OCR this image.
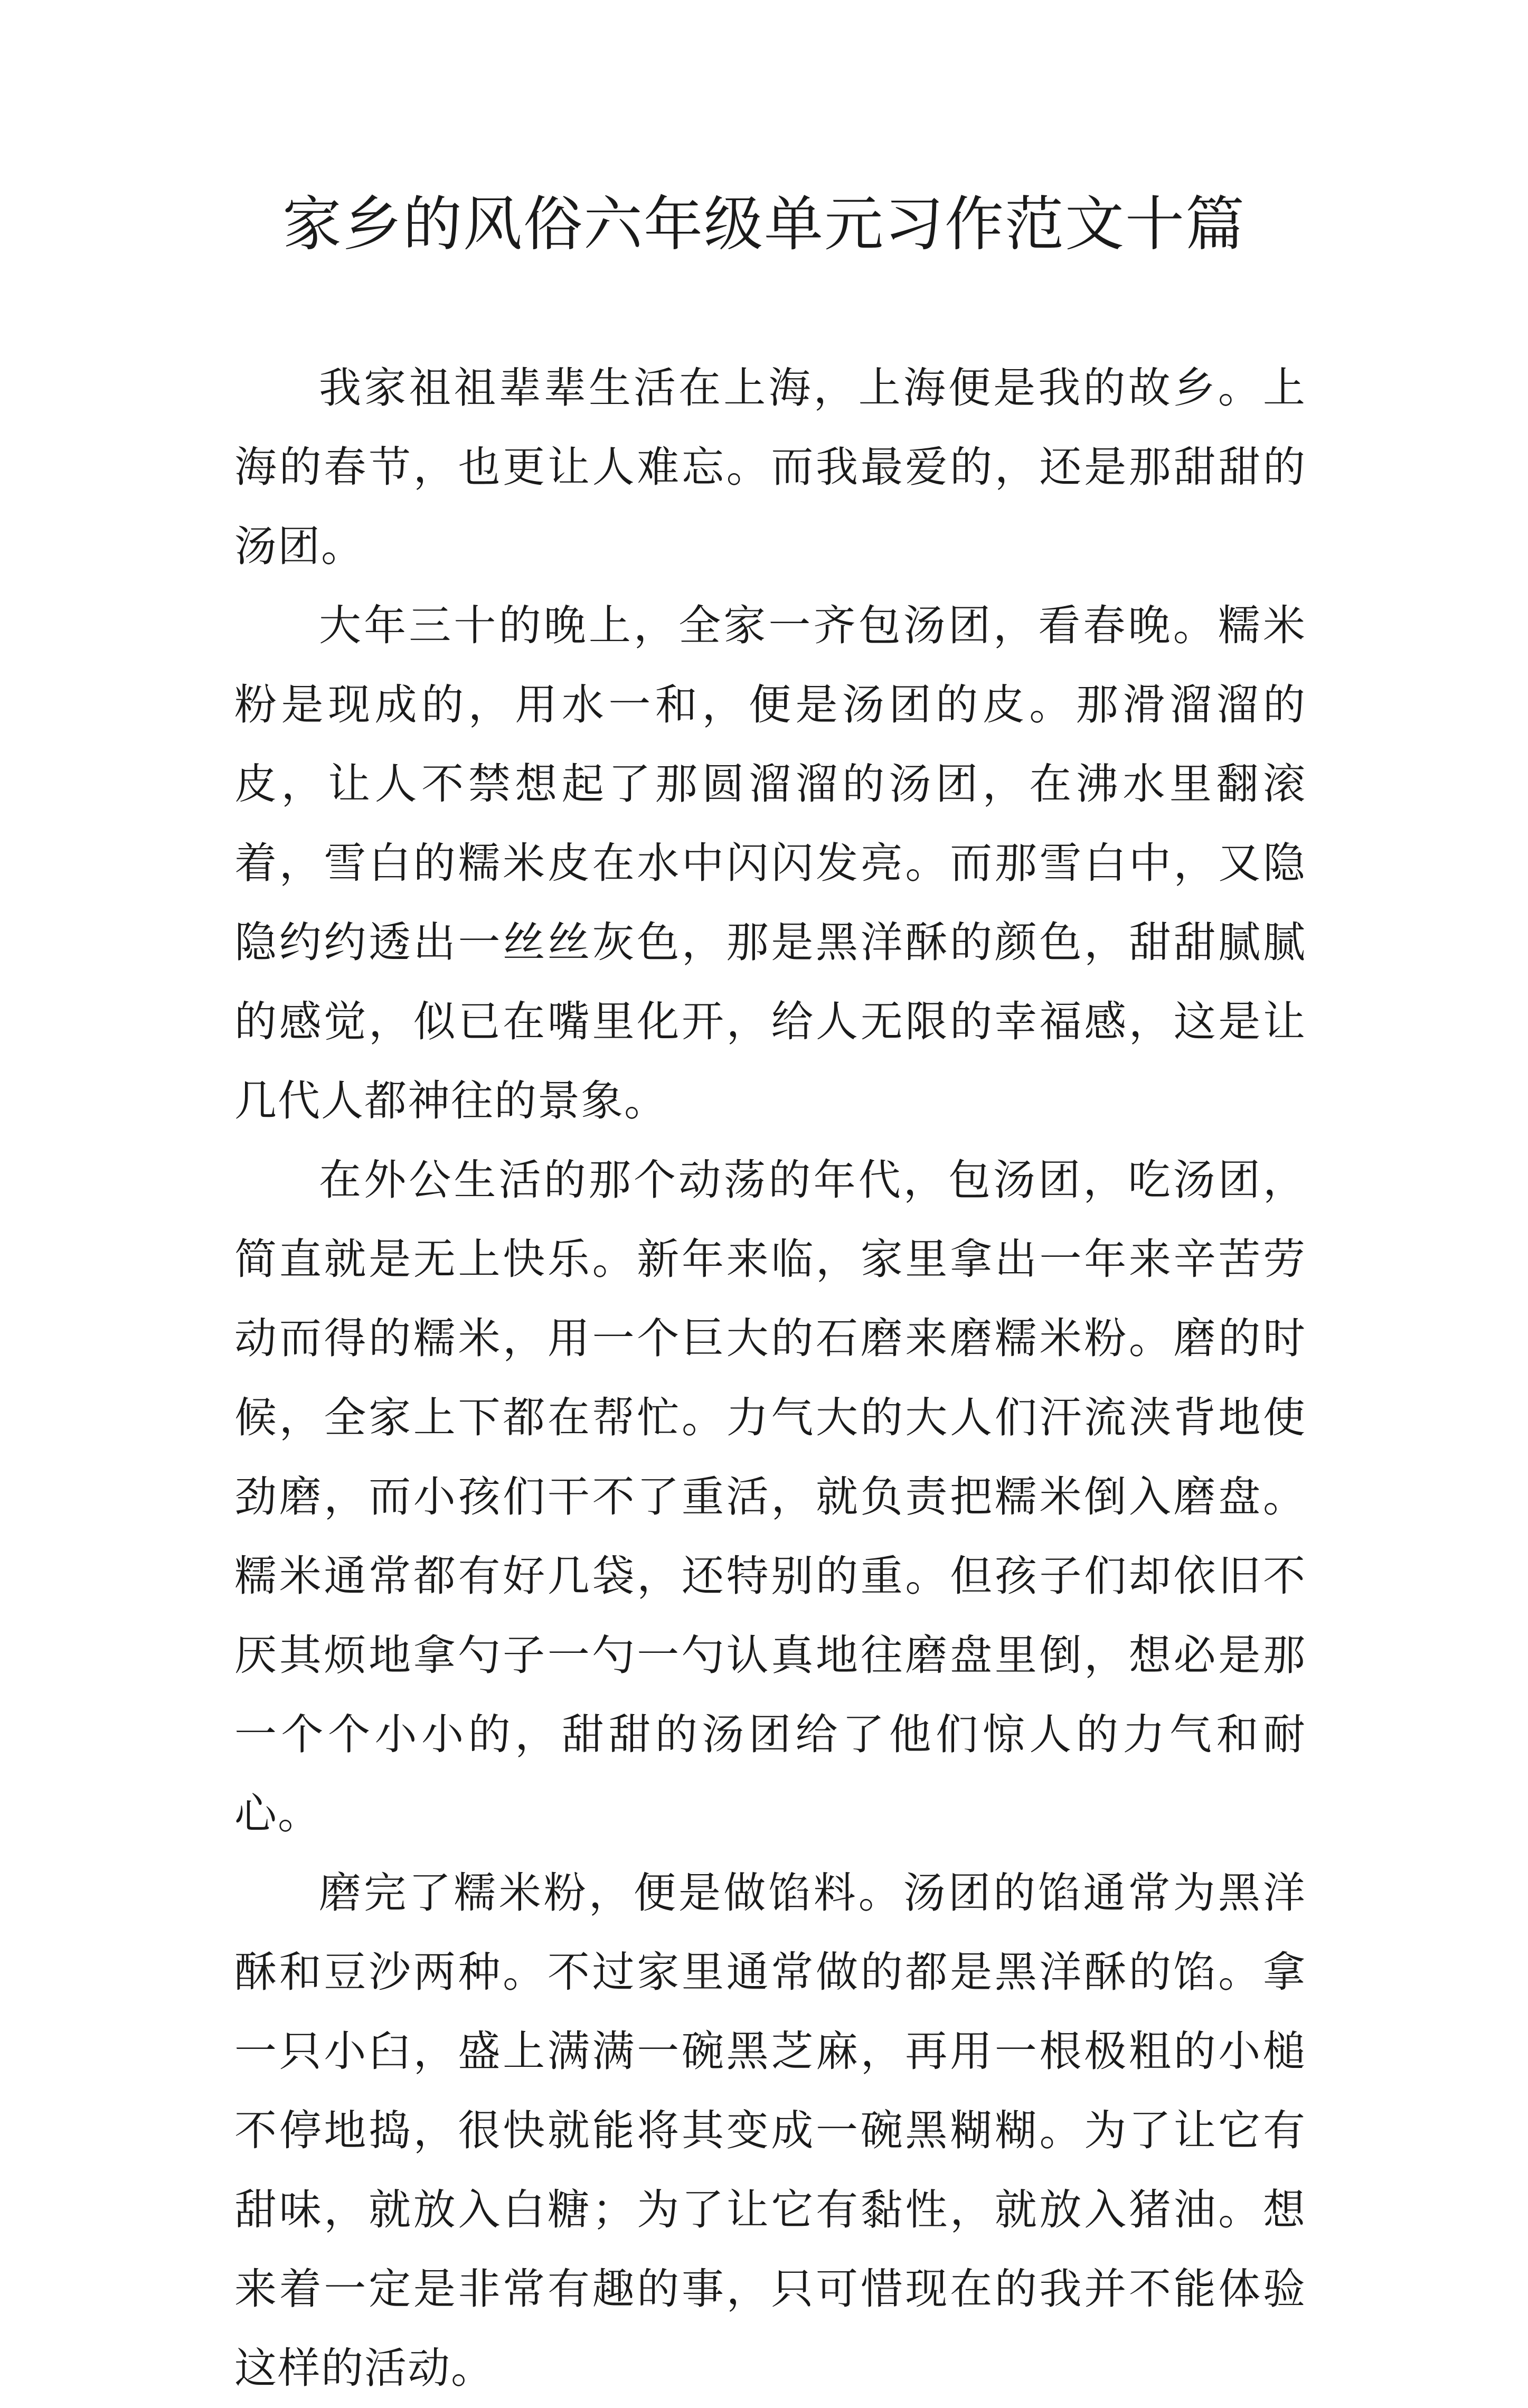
家乡的风俗六年级单元习作范文十篇

我家祖祖辈辈生活在上海，上海便是我的故乡。上海的春节，也更让人难忘。而我最爱的，还是那甜甜的汤团。

大年三十的晚上，全家一齐包汤团，看春晚。糯米粉是现成的，用水一和，便是汤团的皮。那滑溜溜的皮，让人不禁想起了那圆溜溜的汤团，在沸水里翻滚着，雪白的糯米皮在水中闪闪发亮。而那雪白中，又隐隐约约透出一丝丝灰色，那是黑洋酥的颜色，甜甜腻腻的感觉，似已在嘴里化开，给人无限的幸福感，这是让几代人都神往的景象。

在外公生活的那个动荡的年代，包汤团，吃汤团，简直就是无上快乐。新年来临，家里拿出一年来辛苦劳动而得的糯米，用一个巨大的石磨来磨糯米粉。磨的时候，全家上下都在帮忙。力气大的大人们汗流浃背地使劲磨，而小孩们干不了重活，就负责把糯米倒入磨盘。糯米通常都有好几袋，还特别的重。但孩子们却依旧不厌其烦地拿勺子一勺一勺认真地往磨盘里倒，想必是那一个个小小的，甜甜的汤团给了他们惊人的力气和耐心。

磨完了糯米粉，便是做馅料。汤团的馅通常为黑洋酥和豆沙两种。不过家里通常做的都是黑洋酥的馅。拿一只小臼，盛上满满一碗黑芝麻，再用一根极粗的小槌不停地捣，很快就能将其变成一碗黑糊糊。为了让它有甜味，就放入白糖；为了让它有黏性，就放入猪油。想来着一定是非常有趣的事，只可惜现在的我并不能体验这样的活动。
